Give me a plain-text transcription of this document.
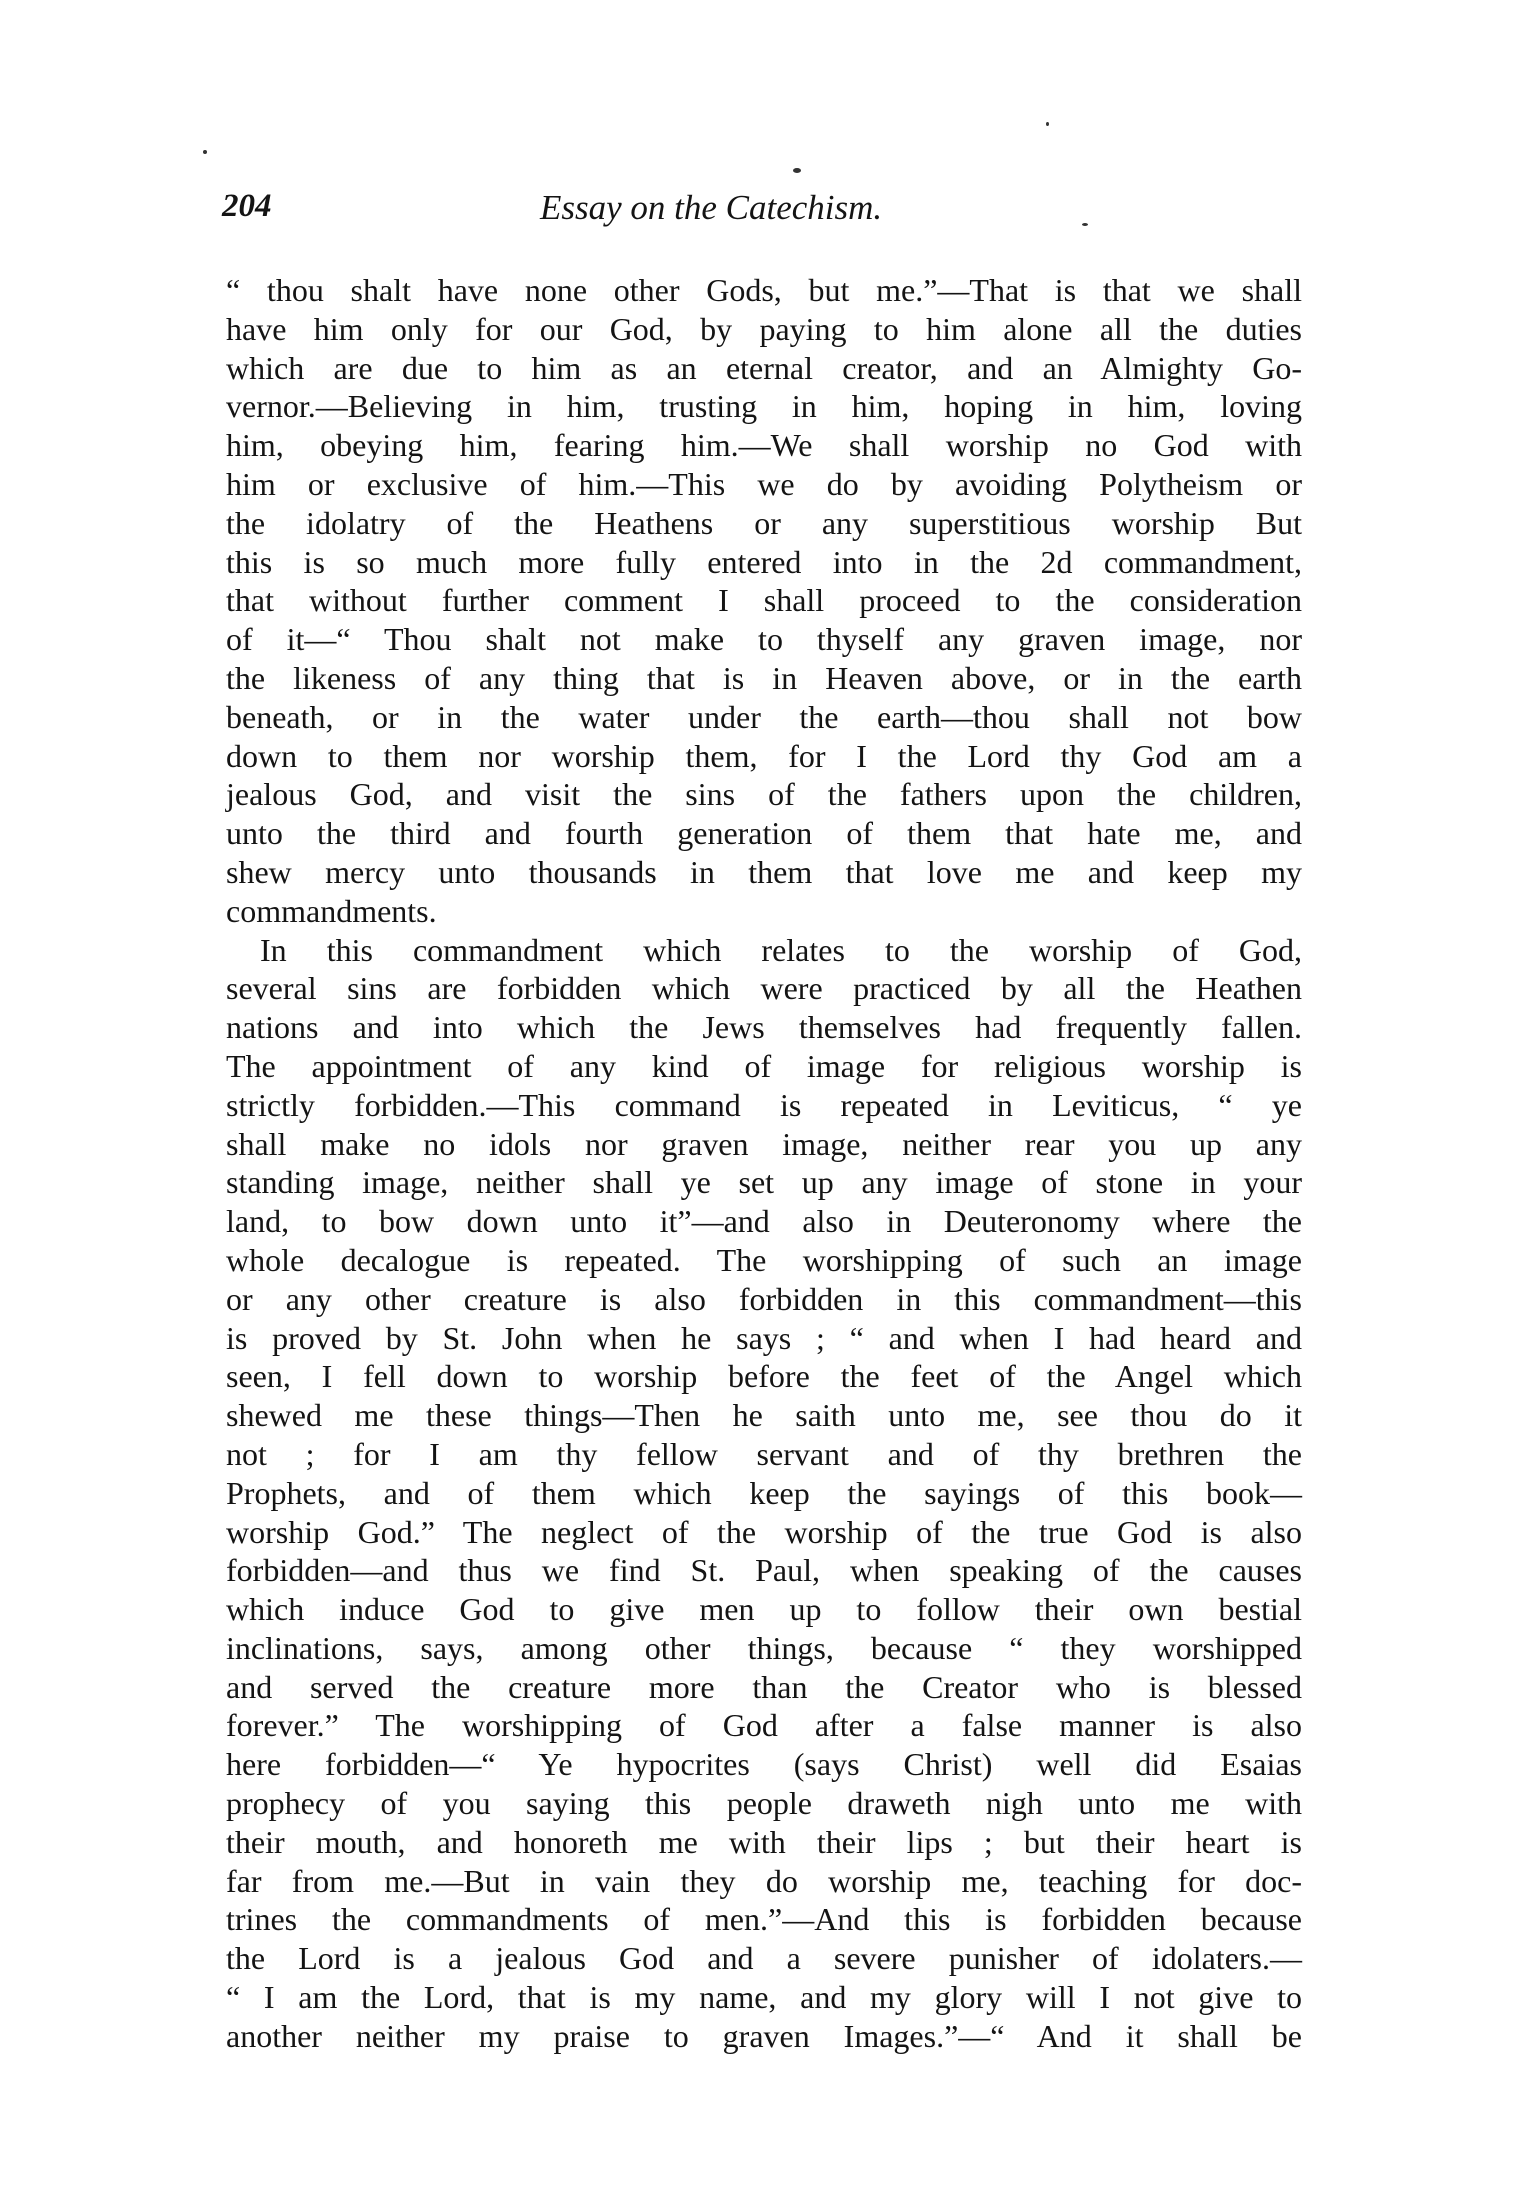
204	Essay on the Catechism.
“ thou shalt have none other Gods, but me.”—That is that we shall
have him only for our God, by paying to him alone all the duties
which are due to him as an eternal creator, and an Almighty Go-
vernor.—Believing in him, trusting in him, hoping in him, loving
him, obeying him, fearing him.—We shall worship no God with
him or exclusive of him.—This we do by avoiding Polytheism or
the idolatry of the Heathens or any superstitious worship But
this is so much more fully entered into in the 2d commandment,
that without further comment I shall proceed to the consideration
of it—“ Thou shalt not make to thyself any graven image, nor
the likeness of any thing that is in Heaven above, or in the earth
beneath, or in the water under the earth—thou shall not bow
down to them nor worship them, for I the Lord thy God am a
jealous God, and visit the sins of the fathers upon the children,
unto the third and fourth generation of them that hate me, and
shew mercy unto thousands in them that love me and keep my
commandments.
In this commandment which relates to the worship of God,
several sins are forbidden which were practiced by all the Heathen
nations and into which the Jews themselves had frequently fallen.
The appointment of any kind of image for religious worship is
strictly forbidden.—This command is repeated in Leviticus, “ ye
shall make no idols nor graven image, neither rear you up any
standing image, neither shall ye set up any image of stone in your
land, to bow down unto it”—and also in Deuteronomy where the
whole decalogue is repeated. The worshipping of such an image
or any other creature is also forbidden in this commandment—this
is proved by St. John when he says ; “ and when I had heard and
seen, I fell down to worship before the feet of the Angel which
shewed me these things—Then he saith unto me, see thou do it
not ; for I am thy fellow servant and of thy brethren the
Prophets, and of them which keep the sayings of this book—
worship God.” The neglect of the worship of the true God is also
forbidden—and thus we find St. Paul, when speaking of the causes
which induce God to give men up to follow their own bestial
inclinations, says, among other things, because “ they worshipped
and served the creature more than the Creator who is blessed
forever.” The worshipping of God after a false manner is also
here forbidden—“ Ye hypocrites (says Christ) well did Esaias
prophecy of you saying this people draweth nigh unto me with
their mouth, and honoreth me with their lips ; but their heart is
far from me.—But in vain they do worship me, teaching for doc-
trines the commandments of men.”—And this is forbidden because
the Lord is a jealous God and a severe punisher of idolaters.—
“ I am the Lord, that is my name, and my glory will I not give to
another neither my praise to graven Images.”—“ And it shall be
